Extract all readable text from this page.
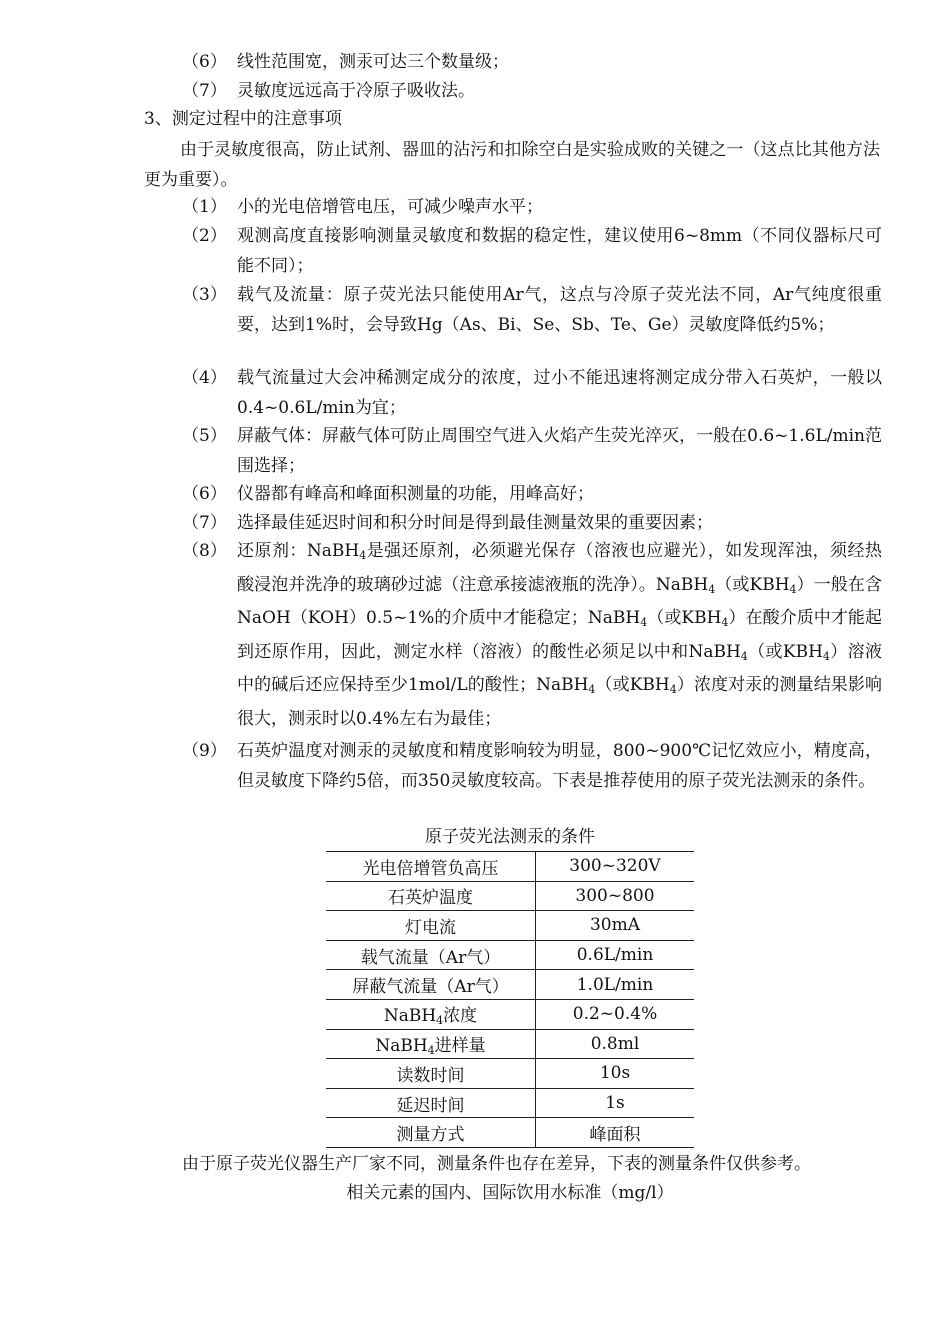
（6） 线性范围宽，测汞可达三个数量级；
（7） 灵敏度远远高于冷原子吸收法。
3、测定过程中的注意事项
由于灵敏度很高，防止试剂、器皿的沾污和扣除空白是实验成败的关键之一（这点比其他方法更为重要）。
（1） 小的光电倍增管电压，可减少噪声水平；
（2） 观测高度直接影响测量灵敏度和数据的稳定性，建议使用6~8mm（不同仪器标尺可能不同）；
（3） 载气及流量：原子荧光法只能使用Ar气，这点与冷原子荧光法不同，Ar气纯度很重要，达到1%时，会导致Hg（As、Bi、Se、Sb、Te、Ge）灵敏度降低约5%；
（4） 载气流量过大会冲稀测定成分的浓度，过小不能迅速将测定成分带入石英炉，一般以0.4~0.6L/min为宜；
（5） 屏蔽气体：屏蔽气体可防止周围空气进入火焰产生荧光淬灭，一般在0.6~1.6L/min范围选择；
（6） 仪器都有峰高和峰面积测量的功能，用峰高好；
（7） 选择最佳延迟时间和积分时间是得到最佳测量效果的重要因素；
（8） 还原剂：NaBH$_4$是强还原剂，必须避光保存（溶液也应避光），如发现浑浊，须经热酸浸泡并洗净的玻璃砂过滤（注意承接滤液瓶的洗净）。NaBH$_4$（或$KBH_4$）一般在含NaOH（KOH）0.5~1%的介质中才能稳定；NaBH$_4$（或$KBH_4$）在酸介质中才能起到还原作用，因此，测定水样（溶液）的酸性必须足以中和NaBH$_4$（或$KBH_4$）溶液中的碱后还应保持至少1mol/L的酸性；NaBH$_4$（或$KBH_4$）浓度对汞的测量结果影响很大，测汞时以0.4%左右为最佳；
（9） 石英炉温度对测汞的灵敏度和精度影响较为明显，800~900℃记忆效应小，精度高，但灵敏度下降约5倍，而350灵敏度较高。下表是推荐使用的原子荧光法测汞的条件。
原子荧光法测汞的条件
光电倍增管负高压	300~320V
石英炉温度	300~800
灯电流	30mA
载气流量（Ar气）	0.6L/min
屏蔽气流量（Ar气）	1.0L/min
NaBH$_4$浓度	0.2~0.4%
NaBH$_4$进样量	0.8ml
读数时间	10s
延迟时间	1s
测量方式	峰面积
由于原子荧光仪器生产厂家不同，测量条件也存在差异，下表的测量条件仅供参考。
相关元素的国内、国际饮用水标准（mg/l）
